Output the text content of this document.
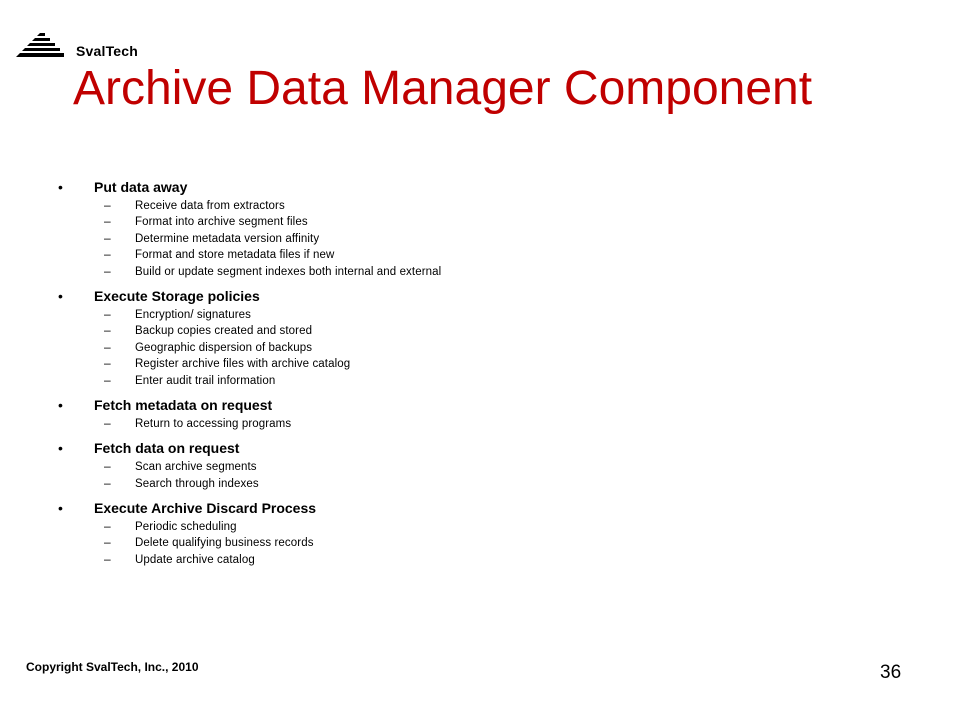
SvalTech
Archive Data Manager Component
•	Put data away
–	Receive data from extractors
–	Format into archive segment files
–	Determine metadata version affinity
–	Format and store metadata files if new
–	Build or update segment indexes both internal and external
•	Execute Storage policies
–	Encryption/ signatures
–	Backup copies created and stored
–	Geographic dispersion of backups
–	Register archive files with archive catalog
–	Enter audit trail information
•	Fetch metadata on request
–	Return to accessing programs
•	Fetch data on request
–	Scan archive segments
–	Search through indexes
•	Execute Archive Discard Process
–	Periodic scheduling
–	Delete qualifying business records
–	Update archive catalog
Copyright SvalTech, Inc., 2010	36
